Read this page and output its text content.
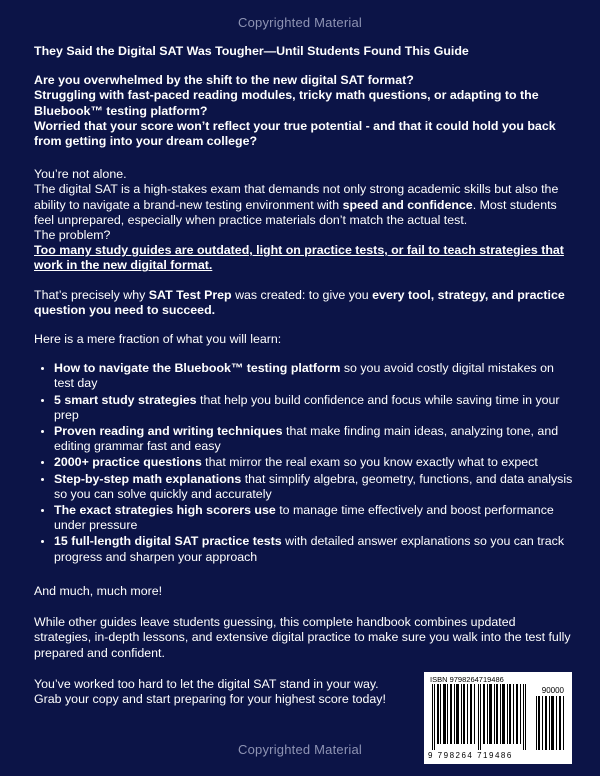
Copyrighted Material

They Said the Digital SAT Was Tougher—Until Students Found This Guide

Are you overwhelmed by the shift to the new digital SAT format?

Struggling with fast-paced reading modules, tricky math questions, or adapting to the Bluebook™ testing platform?

Worried that your score won’t reflect your true potential - and that it could hold you back from getting into your dream college?

You’re not alone.

The digital SAT is a high-stakes exam that demands not only strong academic skills but also the ability to navigate a brand-new testing environment with speed and confidence. Most students feel unprepared, especially when practice materials don’t match the actual test.

The problem?

Too many study guides are outdated, light on practice tests, or fail to teach strategies that work in the new digital format.

That’s precisely why SAT Test Prep was created: to give you every tool, strategy, and practice question you need to succeed.

Here is a mere fraction of what you will learn:

• How to navigate the Bluebook™ testing platform so you avoid costly digital mistakes on test day
• 5 smart study strategies that help you build confidence and focus while saving time in your prep
• Proven reading and writing techniques that make finding main ideas, analyzing tone, and editing grammar fast and easy
• 2000+ practice questions that mirror the real exam so you know exactly what to expect
• Step-by-step math explanations that simplify algebra, geometry, functions, and data analysis so you can solve quickly and accurately
• The exact strategies high scorers use to manage time effectively and boost performance under pressure
• 15 full-length digital SAT practice tests with detailed answer explanations so you can track progress and sharpen your approach

And much, much more!

While other guides leave students guessing, this complete handbook combines updated strategies, in-depth lessons, and extensive digital practice to make sure you walk into the test fully prepared and confident.

You’ve worked too hard to let the digital SAT stand in your way.

Grab your copy and start preparing for your highest score today!

ISBN 9798264719486
90000
9 798264 719486
Copyrighted Material
